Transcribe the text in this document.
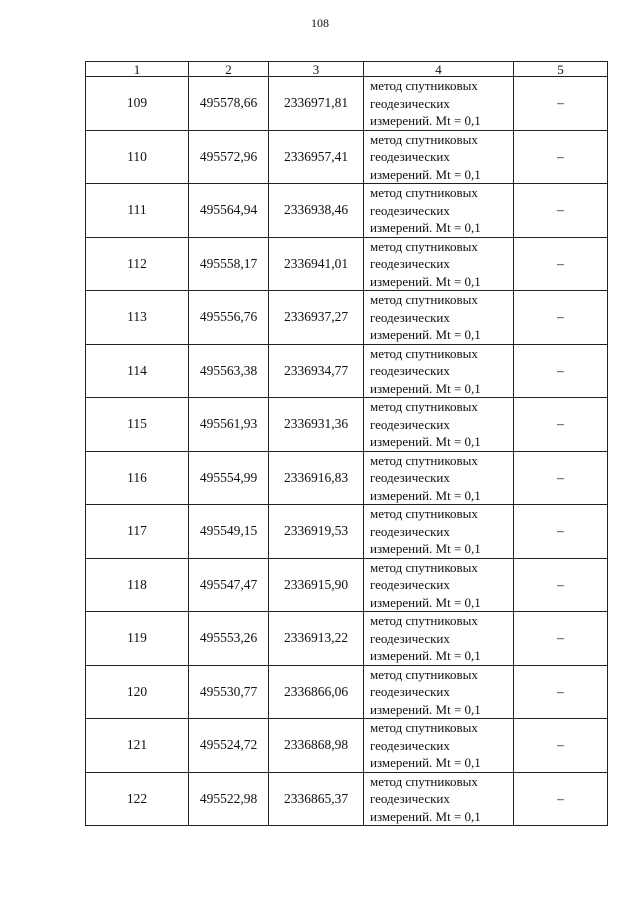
108
1	2	3	4	5
109	495578,66	2336971,81	метод спутниковых
геодезических
измерений. Mt = 0,1	–
110	495572,96	2336957,41	метод спутниковых
геодезических
измерений. Mt = 0,1	–
111	495564,94	2336938,46	метод спутниковых
геодезических
измерений. Mt = 0,1	–
112	495558,17	2336941,01	метод спутниковых
геодезических
измерений. Mt = 0,1	–
113	495556,76	2336937,27	метод спутниковых
геодезических
измерений. Mt = 0,1	–
114	495563,38	2336934,77	метод спутниковых
геодезических
измерений. Mt = 0,1	–
115	495561,93	2336931,36	метод спутниковых
геодезических
измерений. Mt = 0,1	–
116	495554,99	2336916,83	метод спутниковых
геодезических
измерений. Mt = 0,1	–
117	495549,15	2336919,53	метод спутниковых
геодезических
измерений. Mt = 0,1	–
118	495547,47	2336915,90	метод спутниковых
геодезических
измерений. Mt = 0,1	–
119	495553,26	2336913,22	метод спутниковых
геодезических
измерений. Mt = 0,1	–
120	495530,77	2336866,06	метод спутниковых
геодезических
измерений. Mt = 0,1	–
121	495524,72	2336868,98	метод спутниковых
геодезических
измерений. Mt = 0,1	–
122	495522,98	2336865,37	метод спутниковых
геодезических
измерений. Mt = 0,1	–
